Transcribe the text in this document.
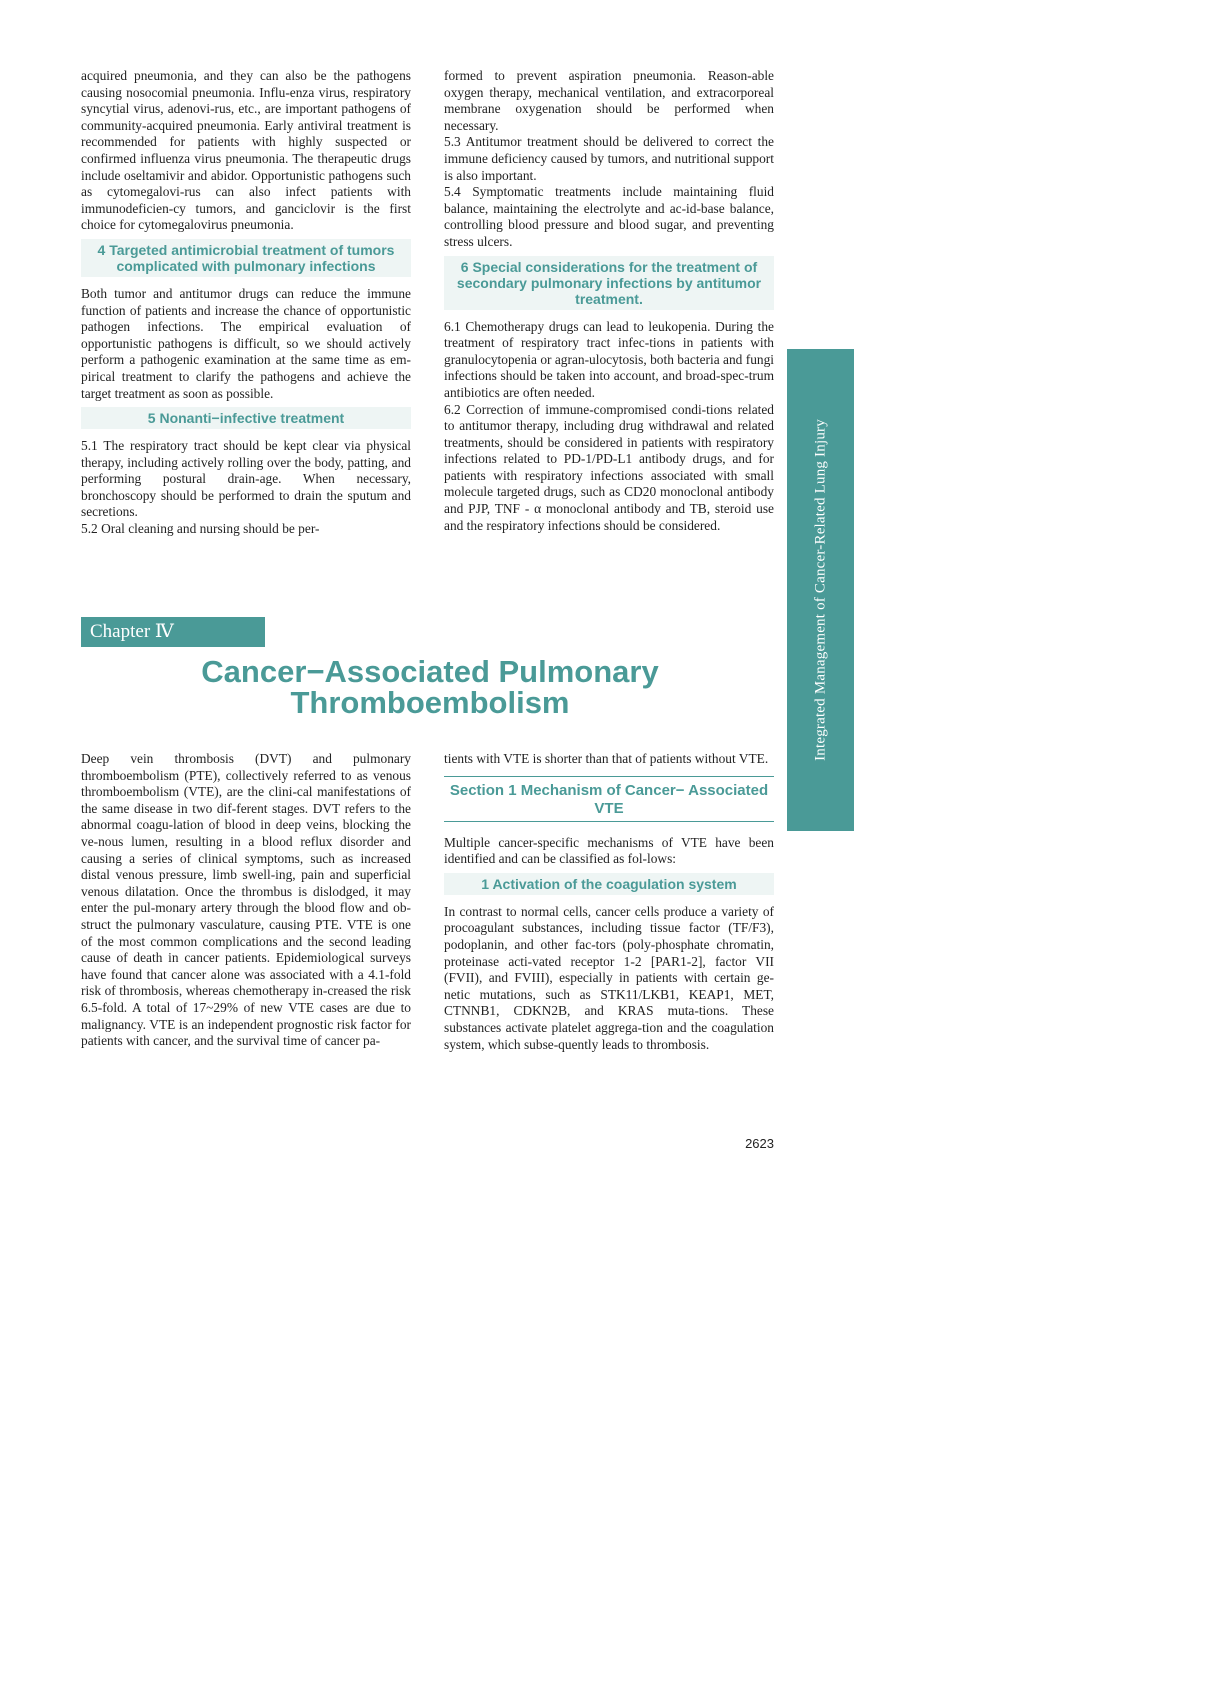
acquired pneumonia, and they can also be the pathogens causing nosocomial pneumonia. Influ-enza virus, respiratory syncytial virus, adenovi-rus, etc., are important pathogens of community-acquired pneumonia. Early antiviral treatment is recommended for patients with highly suspected or confirmed influenza virus pneumonia. The therapeutic drugs include oseltamivir and abidor. Opportunistic pathogens such as cytomegalovi-rus can also infect patients with immunodeficien-cy tumors, and ganciclovir is the first choice for cytomegalovirus pneumonia.

4 Targeted antimicrobial treatment of tumors complicated with pulmonary infections

Both tumor and antitumor drugs can reduce the immune function of patients and increase the chance of opportunistic pathogen infections. The empirical evaluation of opportunistic pathogens is difficult, so we should actively perform a pathogenic examination at the same time as em-pirical treatment to clarify the pathogens and achieve the target treatment as soon as possible.

5 Nonanti−infective treatment

5.1 The respiratory tract should be kept clear via physical therapy, including actively rolling over the body, patting, and performing postural drain-age. When necessary, bronchoscopy should be performed to drain the sputum and secretions.

5.2 Oral cleaning and nursing should be per-

formed to prevent aspiration pneumonia. Reason-able oxygen therapy, mechanical ventilation, and extracorporeal membrane oxygenation should be performed when necessary.

5.3 Antitumor treatment should be delivered to correct the immune deficiency caused by tumors, and nutritional support is also important.

5.4 Symptomatic treatments include maintaining fluid balance, maintaining the electrolyte and ac-id-base balance, controlling blood pressure and blood sugar, and preventing stress ulcers.

6 Special considerations for the treatment of secondary pulmonary infections by antitumor treatment.

6.1 Chemotherapy drugs can lead to leukopenia. During the treatment of respiratory tract infec-tions in patients with granulocytopenia or agran-ulocytosis, both bacteria and fungi infections should be taken into account, and broad-spec-trum antibiotics are often needed.

6.2 Correction of immune-compromised condi-tions related to antitumor therapy, including drug withdrawal and related treatments, should be considered in patients with respiratory infections related to PD-1/PD-L1 antibody drugs, and for patients with respiratory infections associated with small molecule targeted drugs, such as CD20 monoclonal antibody and PJP, TNF - α monoclonal antibody and TB, steroid use and the respiratory infections should be considered.

Chapter Ⅳ
Cancer−Associated Pulmonary
Thromboembolism

Deep vein thrombosis (DVT) and pulmonary thromboembolism (PTE), collectively referred to as venous thromboembolism (VTE), are the clini-cal manifestations of the same disease in two dif-ferent stages. DVT refers to the abnormal coagu-lation of blood in deep veins, blocking the ve-nous lumen, resulting in a blood reflux disorder and causing a series of clinical symptoms, such as increased distal venous pressure, limb swell-ing, pain and superficial venous dilatation. Once the thrombus is dislodged, it may enter the pul-monary artery through the blood flow and ob-struct the pulmonary vasculature, causing PTE. VTE is one of the most common complications and the second leading cause of death in cancer patients. Epidemiological surveys have found that cancer alone was associated with a 4.1-fold risk of thrombosis, whereas chemotherapy in-creased the risk 6.5-fold. A total of 17~29% of new VTE cases are due to malignancy. VTE is an independent prognostic risk factor for patients with cancer, and the survival time of cancer pa-

tients with VTE is shorter than that of patients without VTE.

Section 1 Mechanism of Cancer− Associated VTE

Multiple cancer-specific mechanisms of VTE have been identified and can be classified as fol-lows:

1 Activation of the coagulation system

In contrast to normal cells, cancer cells produce a variety of procoagulant substances, including tissue factor (TF/F3), podoplanin, and other fac-tors (poly-phosphate chromatin, proteinase acti-vated receptor 1-2 [PAR1-2], factor VII (FVII), and FVIII), especially in patients with certain ge-netic mutations, such as STK11/LKB1, KEAP1, MET, CTNNB1, CDKN2B, and KRAS muta-tions. These substances activate platelet aggrega-tion and the coagulation system, which subse-quently leads to thrombosis.

Integrated Management of Cancer-Related Lung Injury
2623
